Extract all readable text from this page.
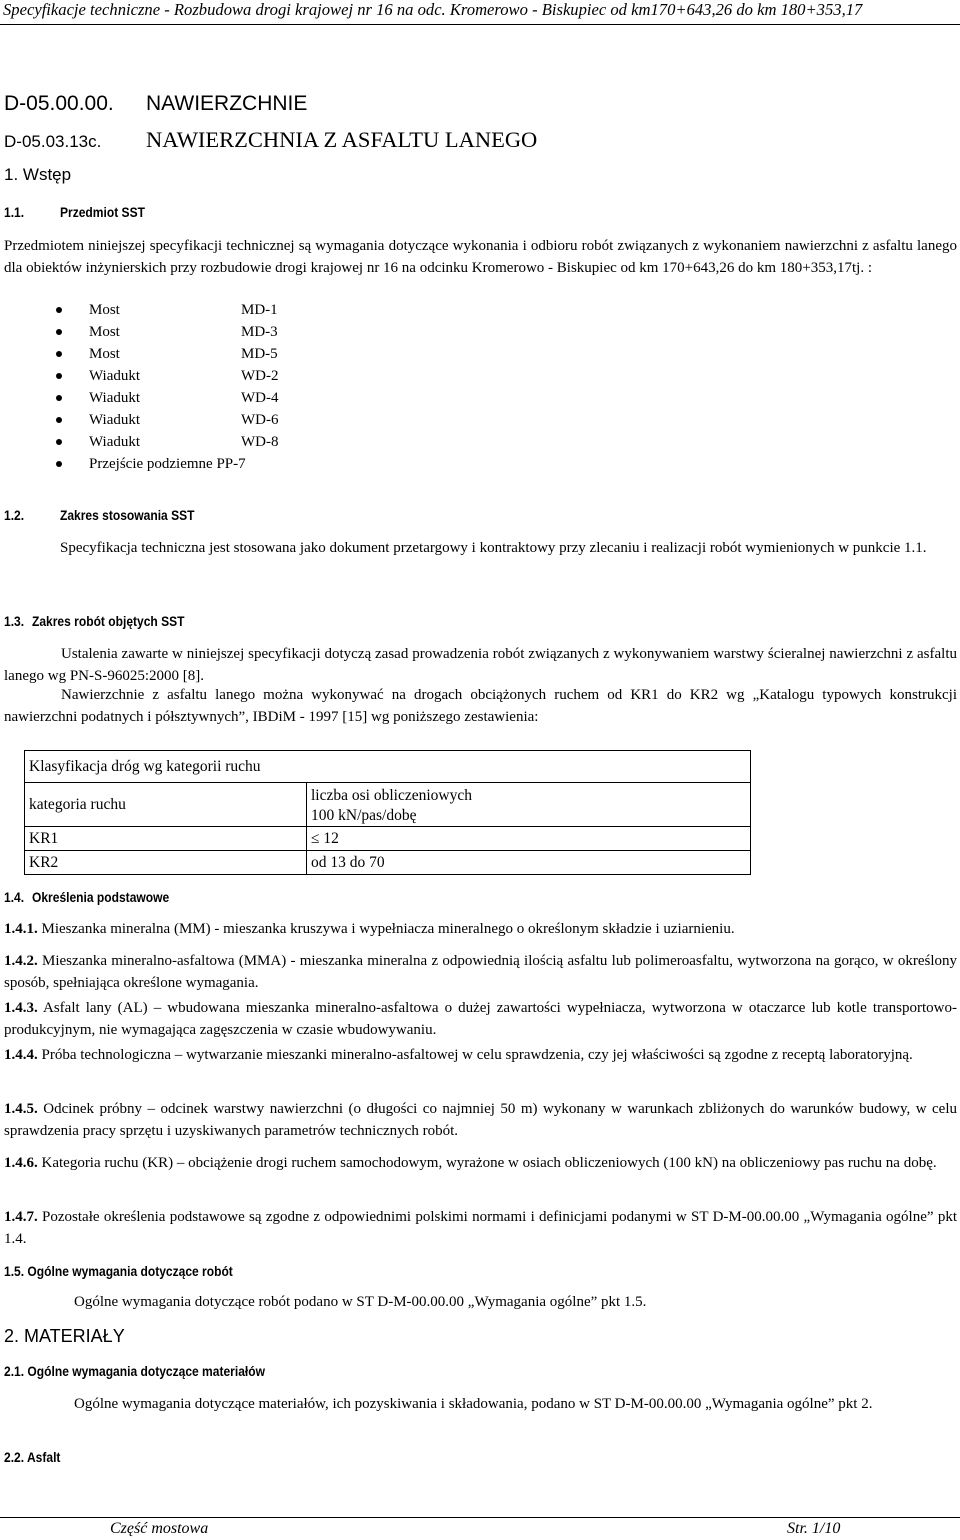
Specyfikacje techniczne - Rozbudowa drogi krajowej nr 16 na odc. Kromerowo - Biskupiec od km170+643,26 do km 180+353,17
D-05.00.00. NAWIERZCHNIE
D-05.03.13c. NAWIERZCHNIA Z ASFALTU LANEGO
1. Wstęp
1.1.	Przedmiot SST
Przedmiotem niniejszej specyfikacji technicznej są wymagania dotyczące wykonania i odbioru robót związanych z wykonaniem nawierzchni z asfaltu lanego dla obiektów inżynierskich przy rozbudowie drogi krajowej nr 16 na odcinku Kromerowo - Biskupiec od km 170+643,26 do km 180+353,17tj. :
Most	MD-1
Most	MD-3
Most	MD-5
Wiadukt	WD-2
Wiadukt	WD-4
Wiadukt	WD-6
Wiadukt	WD-8
Przejście podziemne PP-7
1.2.	Zakres stosowania SST
Specyfikacja techniczna jest stosowana jako dokument przetargowy i kontraktowy przy zlecaniu i realizacji robót wymienionych w punkcie 1.1.
1.3. Zakres robót objętych SST
Ustalenia zawarte w niniejszej specyfikacji dotyczą zasad prowadzenia robót związanych z wykonywaniem warstwy ścieralnej nawierzchni z asfaltu lanego wg PN-S-96025:2000 [8].
Nawierzchnie z asfaltu lanego można wykonywać na drogach obciążonych ruchem od KR1 do KR2 wg „Katalogu typowych konstrukcji nawierzchni podatnych i półsztywnych”, IBDiM - 1997 [15] wg poniższego zestawienia:
Klasyfikacja dróg wg kategorii ruchu	
kategoria ruchu	liczba osi obliczeniowych
100 kN/pas/dobę

KR1	≤ 12
KR2	od 13 do 70
1.4. Określenia podstawowe
1.4.1. Mieszanka mineralna (MM) - mieszanka kruszywa i wypełniacza mineralnego o określonym składzie i uziarnieniu.
1.4.2. Mieszanka mineralno-asfaltowa (MMA) - mieszanka mineralna z odpowiednią ilością asfaltu lub polimeroasfaltu, wytworzona na gorąco, w określony sposób, spełniająca określone wymagania.
1.4.3. Asfalt lany (AL) – wbudowana mieszanka mineralno-asfaltowa o dużej zawartości wypełniacza, wytworzona w otaczarce lub kotle transportowo-produkcyjnym, nie wymagająca zagęszczenia w czasie wbudowywaniu.
1.4.4. Próba technologiczna – wytwarzanie mieszanki mineralno-asfaltowej w celu sprawdzenia, czy jej właściwości są zgodne z receptą laboratoryjną.
1.4.5. Odcinek próbny – odcinek warstwy nawierzchni (o długości co najmniej 50 m) wykonany w warunkach zbliżonych do warunków budowy, w celu sprawdzenia pracy sprzętu i uzyskiwanych parametrów technicznych robót.
1.4.6. Kategoria ruchu (KR) – obciążenie drogi ruchem samochodowym, wyrażone w osiach obliczeniowych (100 kN) na obliczeniowy pas ruchu na dobę.
1.4.7. Pozostałe określenia podstawowe są zgodne z odpowiednimi polskimi normami i definicjami podanymi w ST D-M-00.00.00 „Wymagania ogólne” pkt 1.4.
1.5. Ogólne wymagania dotyczące robót
Ogólne wymagania dotyczące robót podano w ST D-M-00.00.00 „Wymagania ogólne” pkt 1.5.
2. MATERIAŁY
2.1. Ogólne wymagania dotyczące materiałów
Ogólne wymagania dotyczące materiałów, ich pozyskiwania i składowania, podano w ST D-M-00.00.00 „Wymagania ogólne” pkt 2.
2.2. Asfalt
Część mostowa	Str. 1/10
